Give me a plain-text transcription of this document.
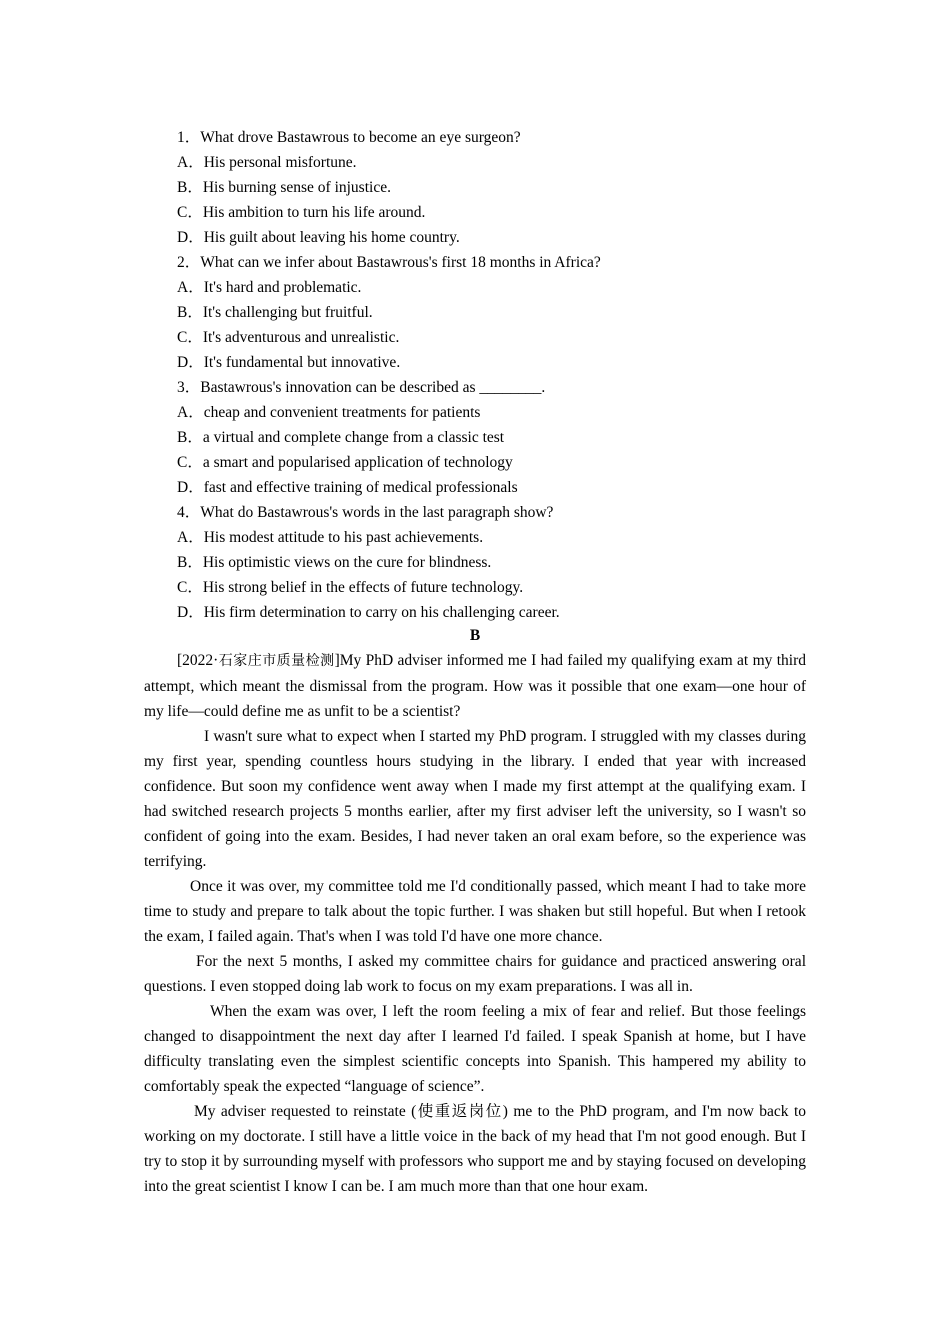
1．What drove Bastawrous to become an eye surgeon?
A．His personal misfortune.
B．His burning sense of injustice.
C．His ambition to turn his life around.
D．His guilt about leaving his home country.
2．What can we infer about Bastawrous's first 18 months in Africa?
A．It's hard and problematic.
B．It's challenging but fruitful.
C．It's adventurous and unrealistic.
D．It's fundamental but innovative.
3．Bastawrous's innovation can be described as ________.
A．cheap and convenient treatments for patients
B．a virtual and complete change from a classic test
C．a smart and popularised application of technology
D．fast and effective training of medical professionals
4．What do Bastawrous's words in the last paragraph show?
A．His modest attitude to his past achievements.
B．His optimistic views on the cure for blindness.
C．His strong belief in the effects of future technology.
D．His firm determination to carry on his challenging career.
B

[2022·石家庄市质量检测]My PhD adviser informed me I had failed my qualifying exam at my third attempt, which meant the dismissal from the program. How was it possible that one exam—one hour of my life—could define me as unfit to be a scientist?

I wasn't sure what to expect when I started my PhD program. I struggled with my classes during my first year, spending countless hours studying in the library. I ended that year with increased confidence. But soon my confidence went away when I made my first attempt at the qualifying exam. I had switched research projects 5 months earlier, after my first adviser left the university, so I wasn't so confident of going into the exam. Besides, I had never taken an oral exam before, so the experience was terrifying.

Once it was over, my committee told me I'd conditionally passed, which meant I had to take more time to study and prepare to talk about the topic further. I was shaken but still hopeful. But when I retook the exam, I failed again. That's when I was told I'd have one more chance.

For the next 5 months, I asked my committee chairs for guidance and practiced answering oral questions. I even stopped doing lab work to focus on my exam preparations. I was all in.

When the exam was over, I left the room feeling a mix of fear and relief. But those feelings changed to disappointment the next day after I learned I'd failed. I speak Spanish at home, but I have difficulty translating even the simplest scientific concepts into Spanish. This hampered my ability to comfortably speak the expected “language of science”.

My adviser requested to reinstate (使重返岗位) me to the PhD program, and I'm now back to working on my doctorate. I still have a little voice in the back of my head that I'm not good enough. But I try to stop it by surrounding myself with professors who support me and by staying focused on developing into the great scientist I know I can be. I am much more than that one hour exam.
